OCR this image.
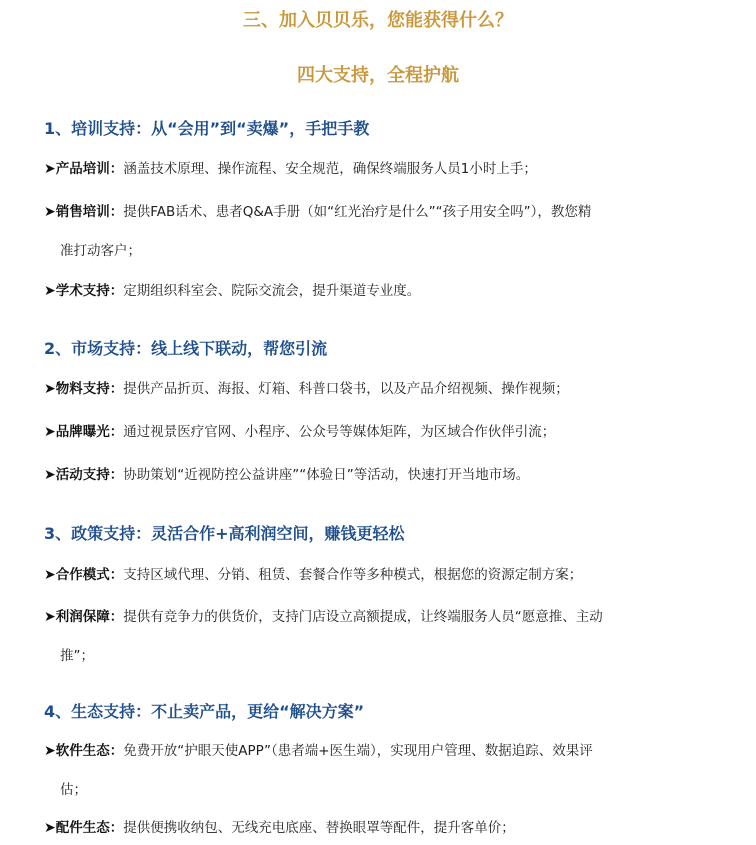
三、加入贝贝乐，您能获得什么？
四大支持，全程护航
1、培训支持：从“会用”到“卖爆”，手把手教

➤产品培训：涵盖技术原理、操作流程、安全规范，确保终端服务人员1小时上手；

➤销售培训：提供FAB话术、患者Q&A手册（如“红光治疗是什么”“孩子用安全吗”），教您精

准打动客户；

➤学术支持：定期组织科室会、院际交流会，提升渠道专业度。

2、市场支持：线上线下联动，帮您引流

➤物料支持：提供产品折页、海报、灯箱、科普口袋书，以及产品介绍视频、操作视频；

➤品牌曝光：通过视景医疗官网、小程序、公众号等媒体矩阵，为区域合作伙伴引流；

➤活动支持：协助策划“近视防控公益讲座”“体验日”等活动，快速打开当地市场。

3、政策支持：灵活合作+高利润空间，赚钱更轻松

➤合作模式：支持区域代理、分销、租赁、套餐合作等多种模式，根据您的资源定制方案；

➤利润保障：提供有竞争力的供货价，支持门店设立高额提成，让终端服务人员“愿意推、主动

推”；

4、生态支持：不止卖产品，更给“解决方案”

➤软件生态：免费开放“护眼天使APP”（患者端+医生端），实现用户管理、数据追踪、效果评

估；

➤配件生态：提供便携收纳包、无线充电底座、替换眼罩等配件，提升客单价；
